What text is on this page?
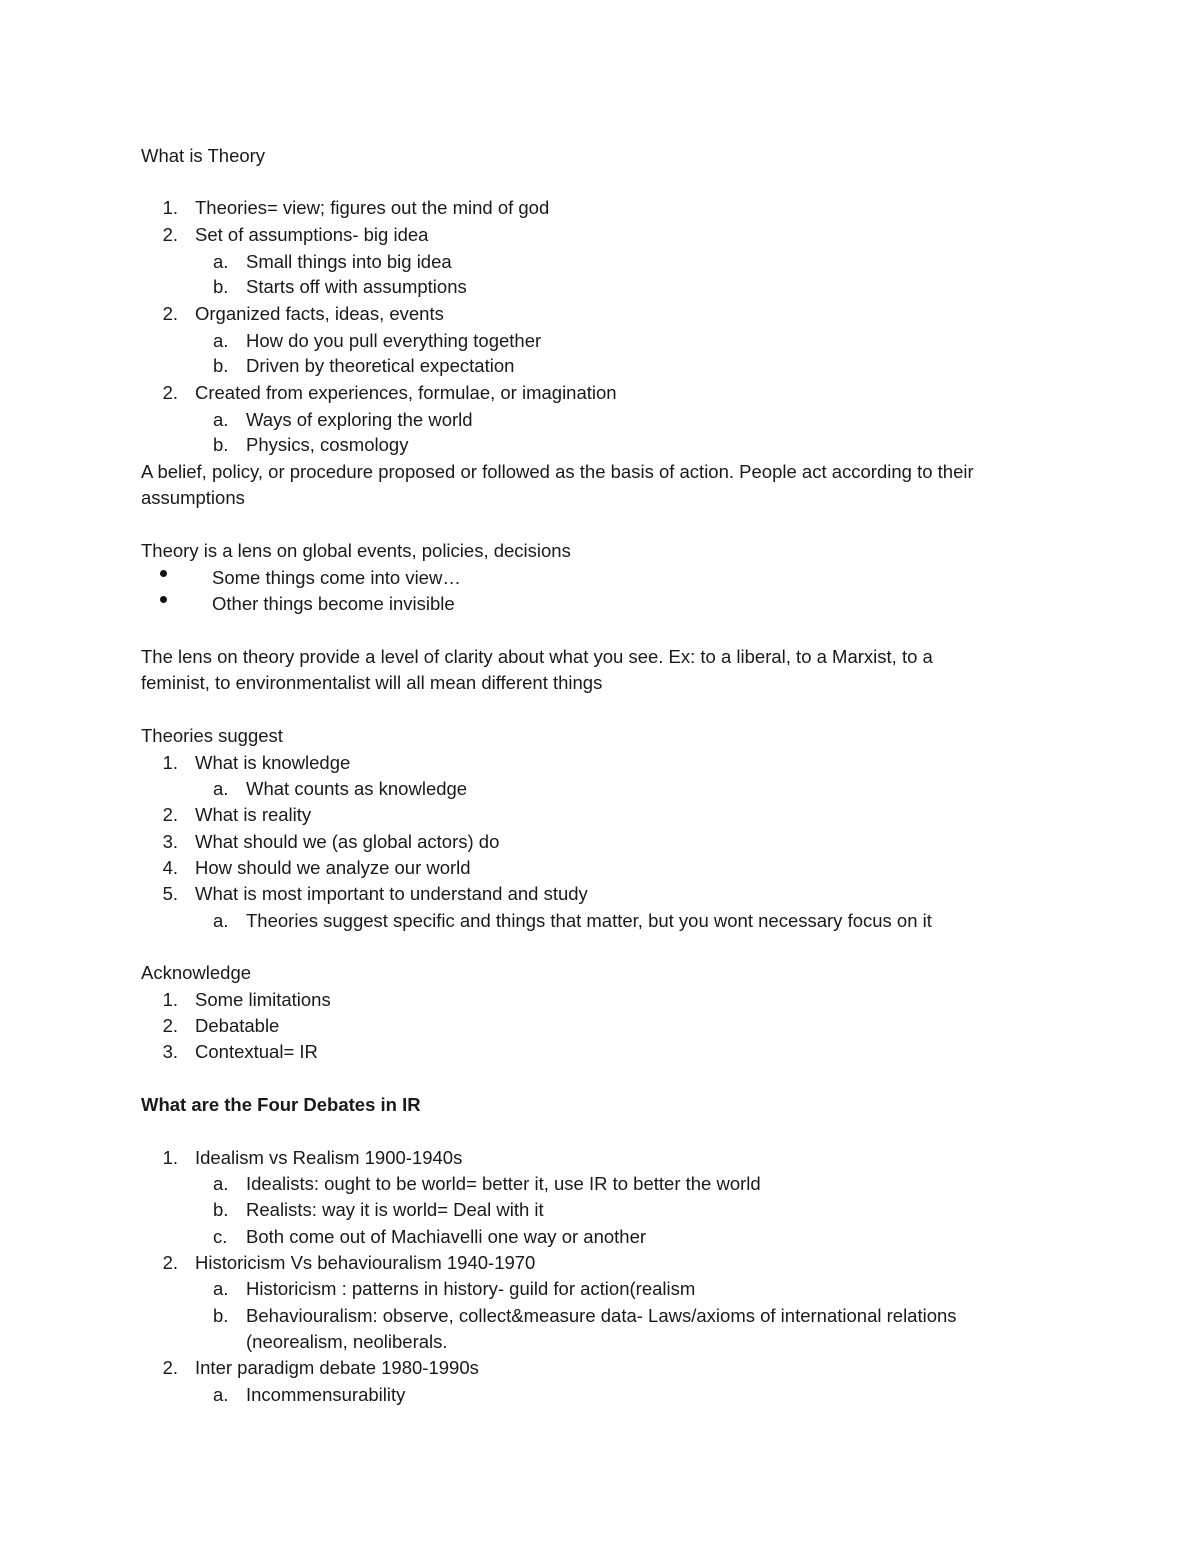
What is Theory
1. Theories= view; figures out the mind of god
2. Set of assumptions- big idea
a. Small things into big idea
b. Starts off with assumptions
2. Organized facts, ideas, events
a. How do you pull everything together
b. Driven by theoretical expectation
2. Created from experiences, formulae, or imagination
a. Ways of exploring the world
b. Physics, cosmology
A belief, policy, or procedure proposed or followed as the basis of action. People act according to their
assumptions
Theory is a lens on global events, policies, decisions
Some things come into view…
Other things become invisible
The lens on theory provide a level of clarity about what you see. Ex: to a liberal, to a Marxist, to a
feminist, to environmentalist will all mean different things
Theories suggest
1. What is knowledge
a. What counts as knowledge
2. What is reality
3. What should we (as global actors) do
4. How should we analyze our world
5. What is most important to understand and study
a. Theories suggest specific and things that matter, but you wont necessary focus on it
Acknowledge
1. Some limitations
2. Debatable
3. Contextual= IR
What are the Four Debates in IR
1. Idealism vs Realism 1900-1940s
a. Idealists: ought to be world= better it, use IR to better the world
b. Realists: way it is world= Deal with it
c. Both come out of Machiavelli one way or another
2. Historicism Vs behaviouralism 1940-1970
a. Historicism : patterns in history- guild for action(realism
b. Behaviouralism: observe, collect&measure data- Laws/axioms of international relations
(neorealism, neoliberals.
2. Inter paradigm debate 1980-1990s
a. Incommensurability
